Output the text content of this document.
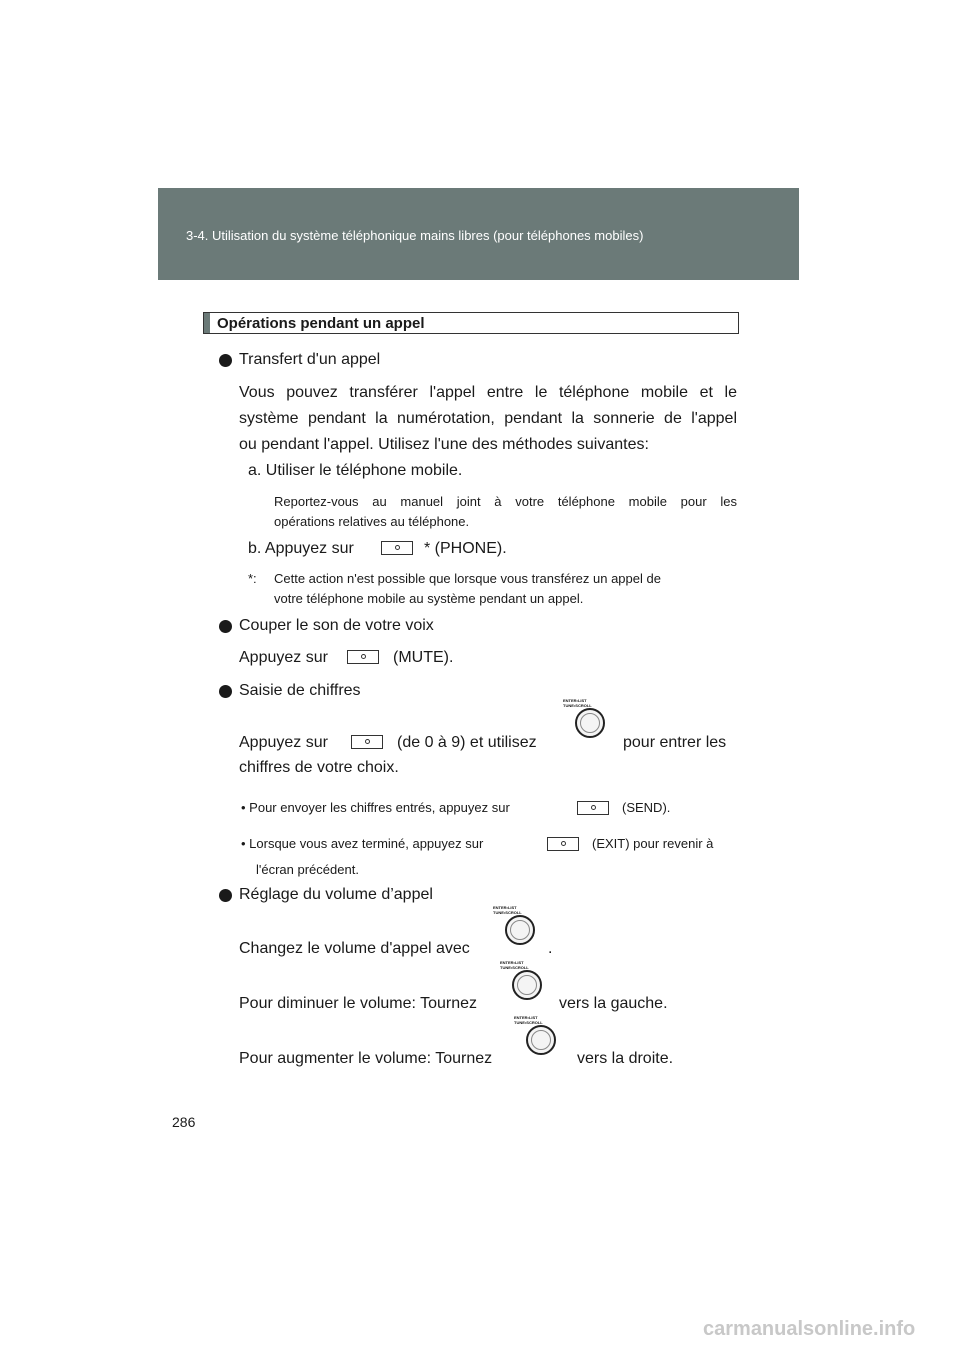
3-4. Utilisation du système téléphonique mains libres (pour téléphones mobiles)
Opérations pendant un appel
Transfert d'un appel
Vous pouvez transférer l'appel entre le téléphone mobile et le
système pendant la numérotation, pendant la sonnerie de l'appel
ou pendant l'appel. Utilisez l'une des méthodes suivantes:
a. Utiliser le téléphone mobile.
Reportez-vous au manuel joint à votre téléphone mobile pour les
opérations relatives au téléphone.
b. Appuyez sur	* (PHONE).
*: Cette action n'est possible que lorsque vous transférez un appel de
votre téléphone mobile au système pendant un appel.
Couper le son de votre voix
Appuyez sur	(MUTE).
Saisie de chiffres
Appuyez sur	(de 0 à 9) et utilisez
ENTER•LIST
TUNE•SCROLL
pour entrer les
chiffres de votre choix.
• Pour envoyer les chiffres entrés, appuyez sur	(SEND).
• Lorsque vous avez terminé, appuyez sur	(EXIT) pour revenir à
l'écran précédent.
Réglage du volume d’appel
Changez le volume d'appel avec
ENTER•LIST
TUNE•SCROLL
.
Pour diminuer le volume: Tournez
ENTER•LIST
TUNE•SCROLL
vers la gauche.
Pour augmenter le volume: Tournez
ENTER•LIST
TUNE•SCROLL
vers la droite.
286
carmanualsonline.info
